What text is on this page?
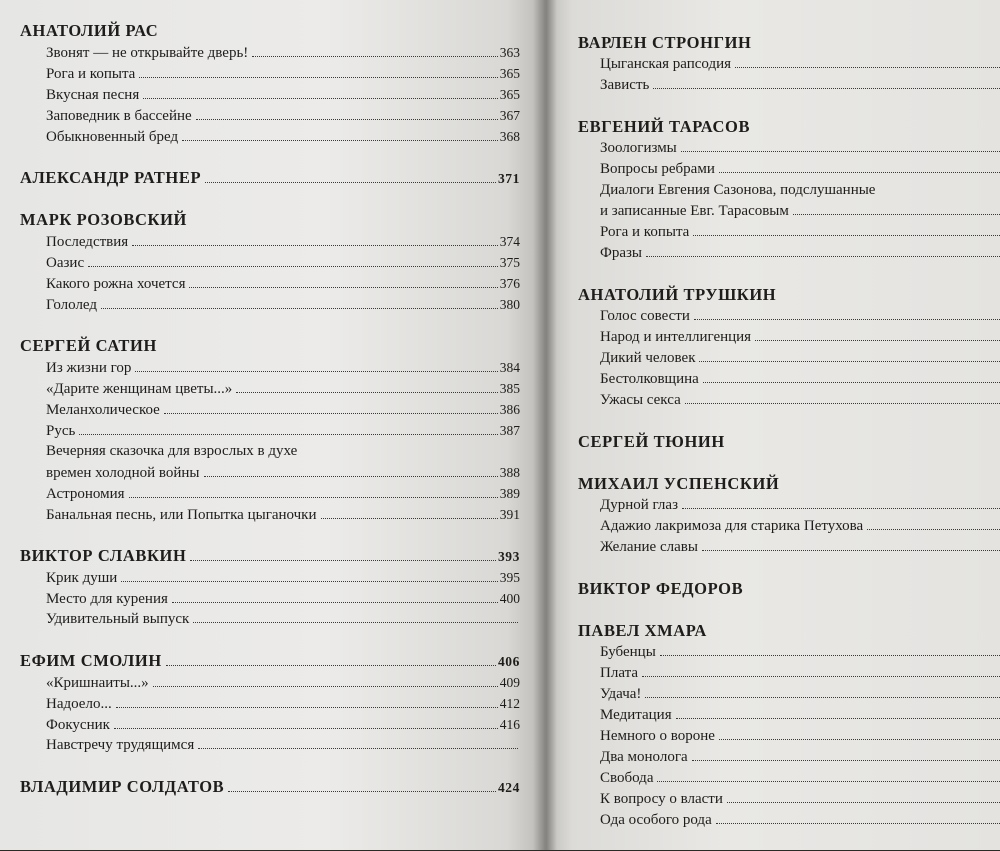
АНАТОЛИЙ РАС
Звонят — не открывайте дверь!	363
Рога и копыта	365
Вкусная песня	365
Заповедник в бассейне	367
Обыкновенный бред	368
АЛЕКСАНДР РАТНЕР	371
МАРК РОЗОВСКИЙ
Последствия	374
Оазис	375
Какого рожна хочется	376
Гололед	380
СЕРГЕЙ САТИН
Из жизни гор	384
«Дарите женщинам цветы...»	385
Меланхолическое	386
Русь	387
Вечерняя сказочка для взрослых в духе
времен холодной войны	388
Астрономия	389
Банальная песнь, или Попытка цыганочки	391
ВИКТОР СЛАВКИН	393
Крик души	395
Место для курения	400
Удивительный выпуск
ЕФИМ СМОЛИН	406
«Кришнаиты...»	409
Надоело...	412
Фокусник	416
Навстречу трудящимся
ВЛАДИМИР СОЛДАТОВ	424
ВАРЛЕН СТРОНГИН
Цыганская рапсодия
Зависть
ЕВГЕНИЙ ТАРАСОВ
Зоологизмы
Вопросы ребрами
Диалоги Евгения Сазонова, подслушанные
и записанные Евг. Тарасовым
Рога и копыта
Фразы
АНАТОЛИЙ ТРУШКИН
Голос совести
Народ и интеллигенция
Дикий человек
Бестолковщина
Ужасы секса
СЕРГЕЙ ТЮНИН
МИХАИЛ УСПЕНСКИЙ
Дурной глаз
Адажио лакримоза для старика Петухова
Желание славы
ВИКТОР ФЕДОРОВ
ПАВЕЛ ХМАРА
Бубенцы
Плата
Удача!
Медитация
Немного о вороне
Два монолога
Свобода
К вопросу о власти
Ода особого рода
